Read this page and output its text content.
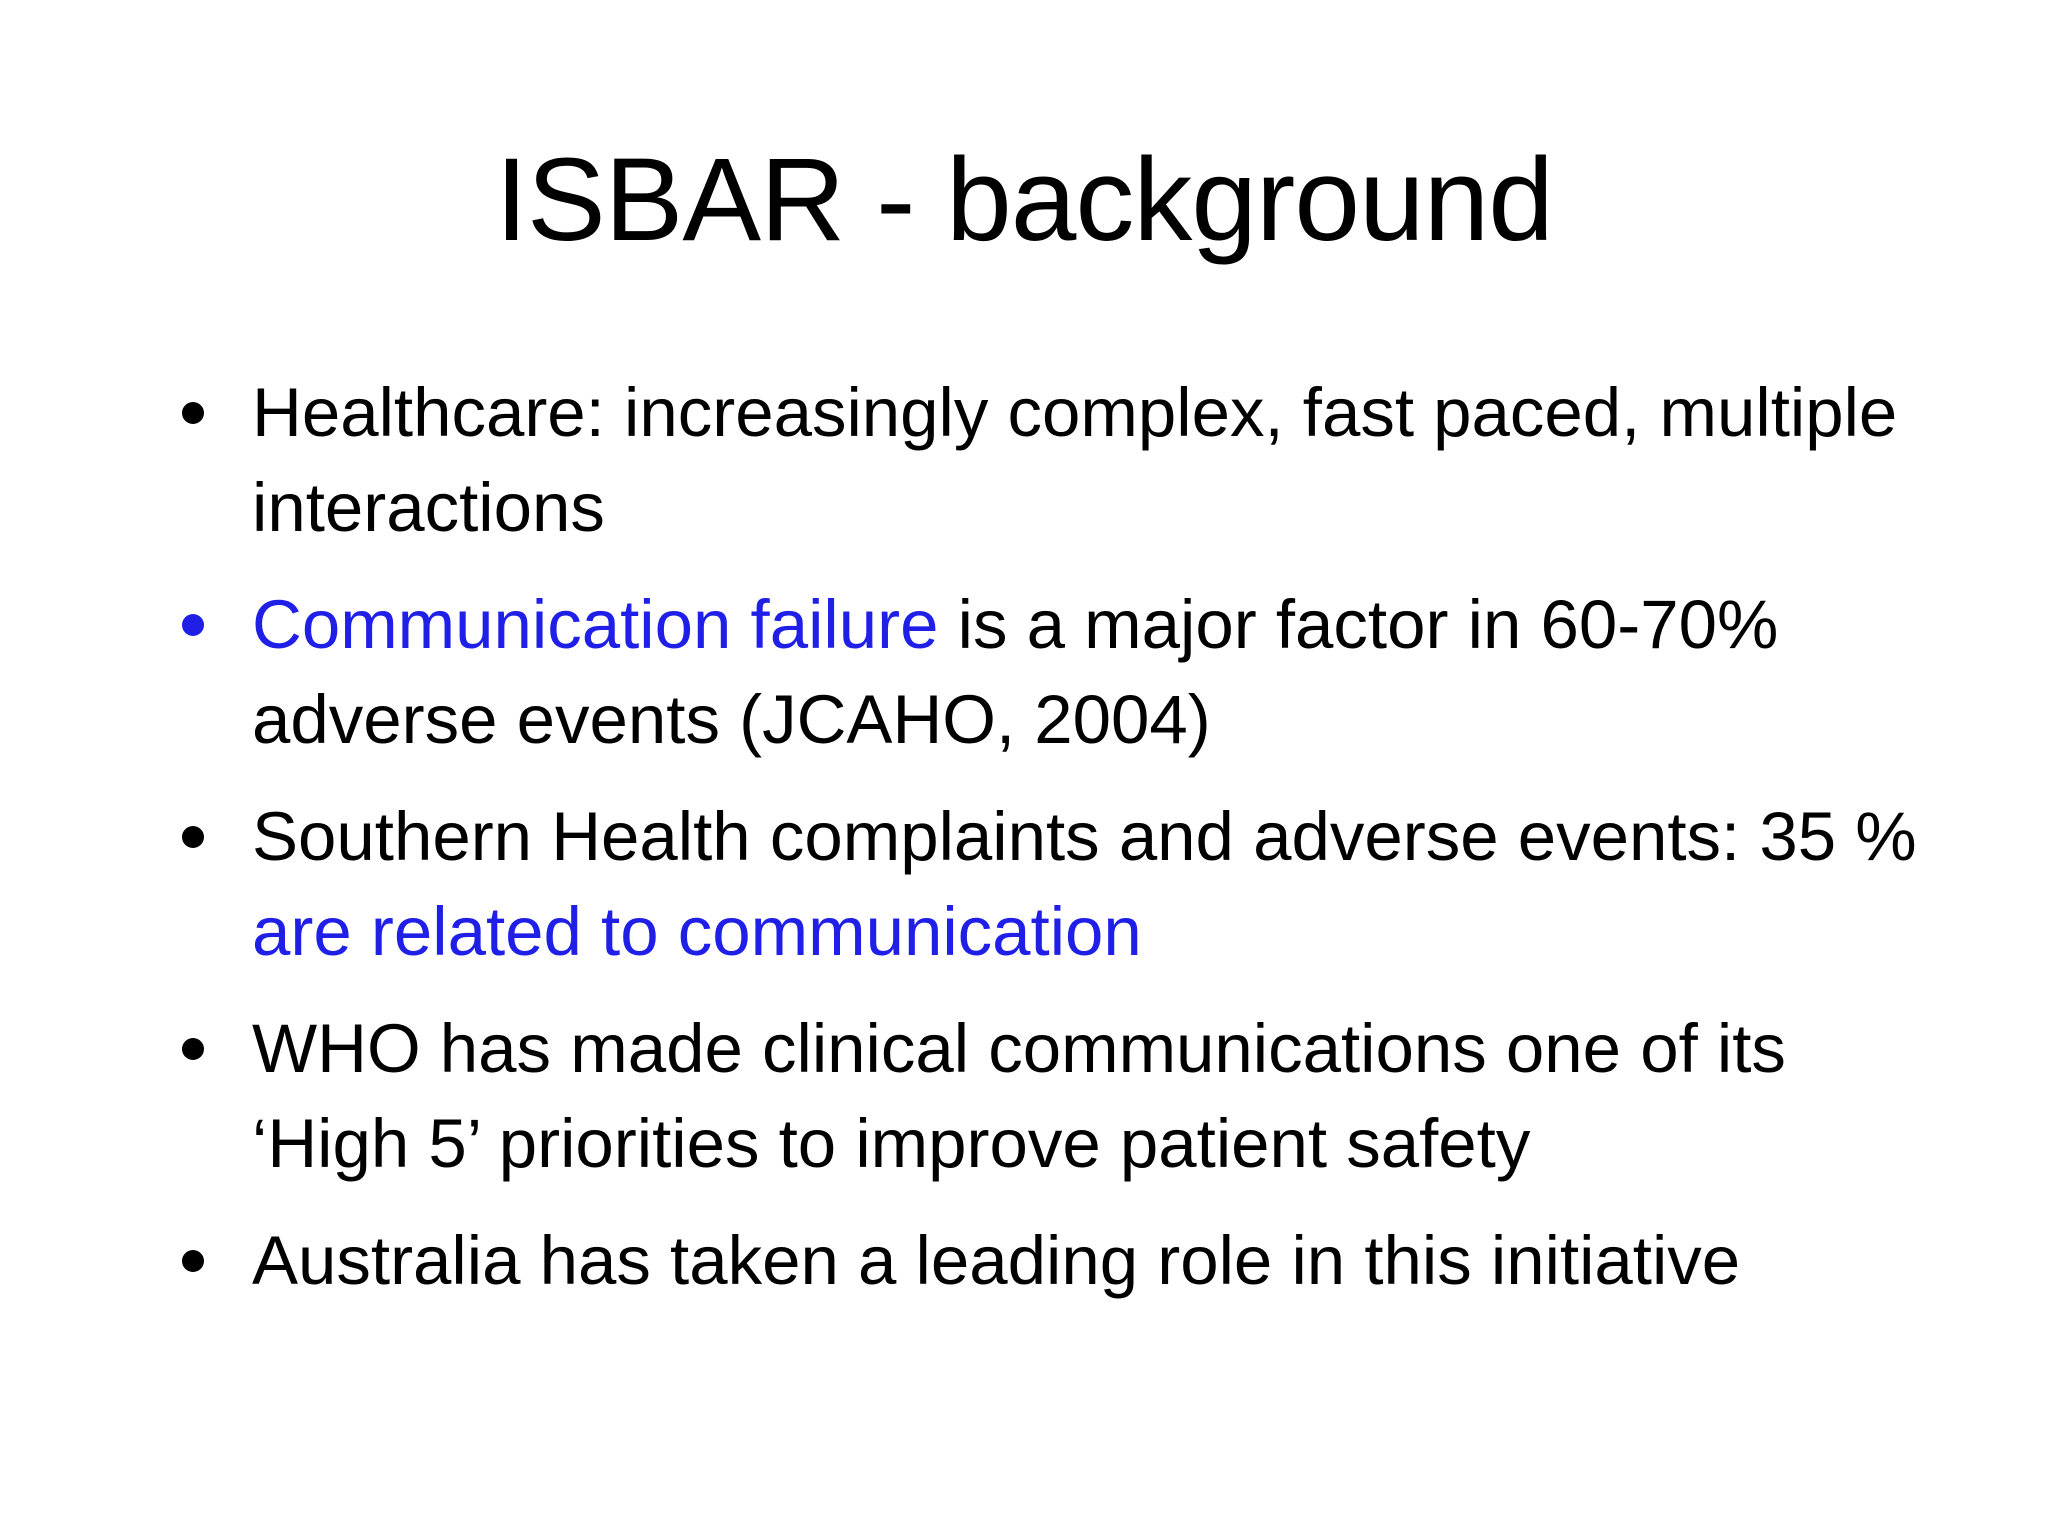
ISBAR - background
Healthcare: increasingly complex, fast paced, multiple interactions
Communication failure is a major factor in 60-70% adverse events (JCAHO, 2004)
Southern Health complaints and adverse events: 35 % are related to communication
WHO has made clinical communications one of its ‘High 5’ priorities to improve patient safety
Australia has taken a leading role in this initiative
